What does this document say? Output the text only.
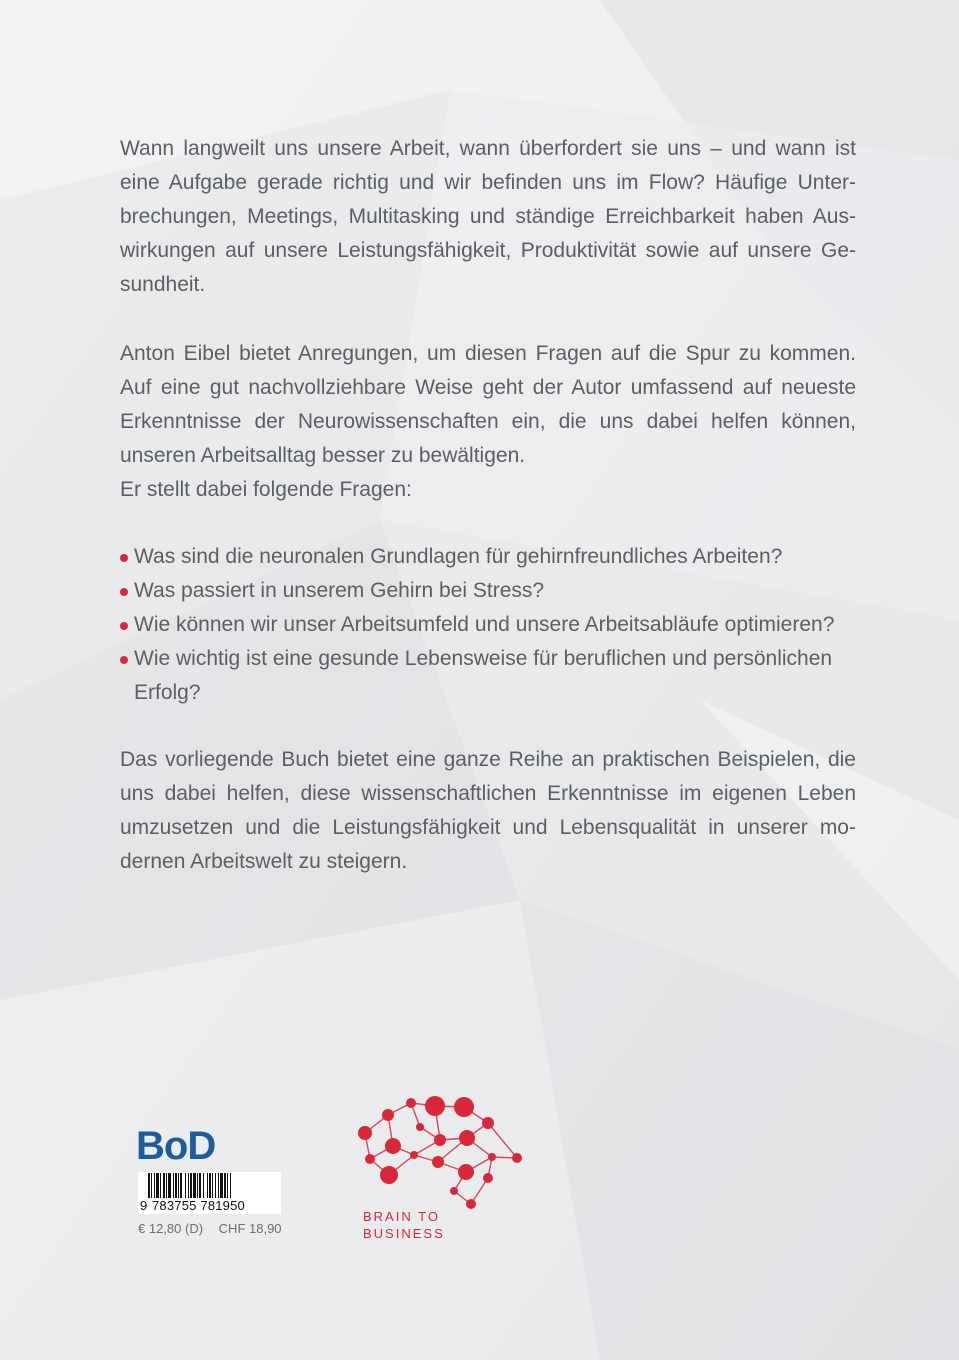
Wann langweilt uns unsere Arbeit, wann überfordert sie uns – und wann ist eine Aufgabe gerade richtig und wir befinden uns im Flow? Häufige Unterbrechungen, Meetings, Multitasking und ständige Erreichbarkeit haben Auswirkungen auf unsere Leistungsfähigkeit, Produktivität sowie auf unsere Gesundheit.

Anton Eibel bietet Anregungen, um diesen Fragen auf die Spur zu kommen. Auf eine gut nachvollziehbare Weise geht der Autor umfassend auf neueste Erkenntnisse der Neurowissenschaften ein, die uns dabei helfen können, unseren Arbeitsalltag besser zu bewältigen.

Er stellt dabei folgende Fragen:

Was sind die neuronalen Grundlagen für gehirnfreundliches Arbeiten?
Was passiert in unserem Gehirn bei Stress?
Wie können wir unser Arbeitsumfeld und unsere Arbeitsabläufe optimieren?
Wie wichtig ist eine gesunde Lebensweise für beruflichen und persönlichen Erfolg?

Das vorliegende Buch bietet eine ganze Reihe an praktischen Beispielen, die uns dabei helfen, diese wissenschaftlichen Erkenntnisse im eigenen Leben umzusetzen und die Leistungsfähigkeit und Lebensqualität in unserer modernen Arbeitswelt zu steigern.

BoD
9 783755 781950
€ 12,80 (D) CHF 18,90
BRAIN TO
BUSINESS
